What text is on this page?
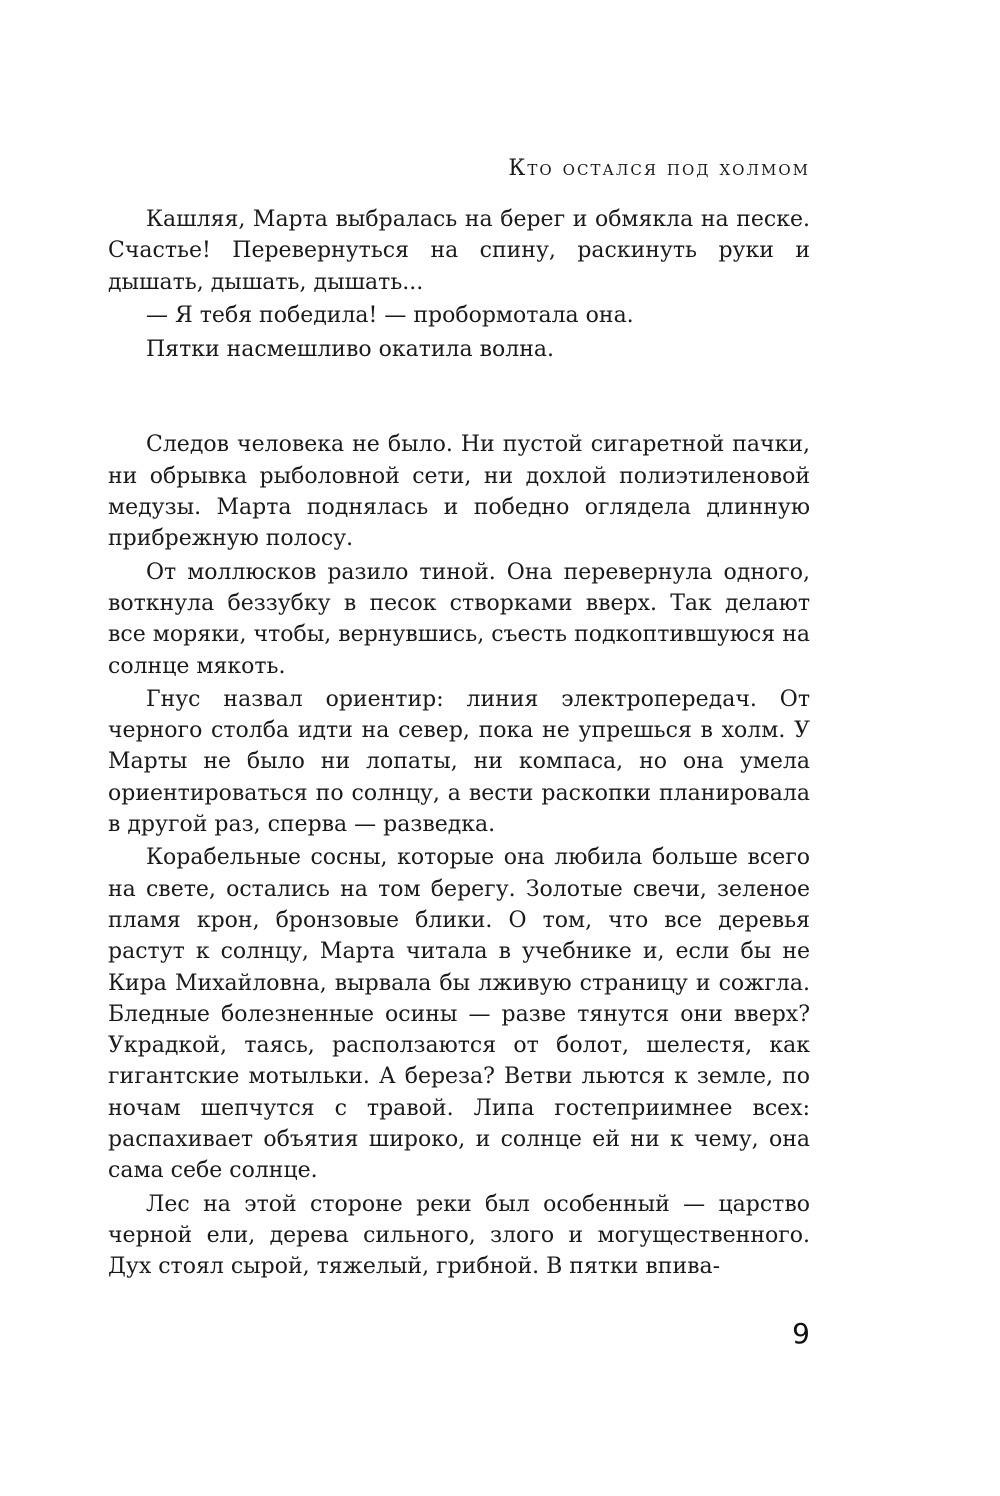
Кто остался под холмом

Кашляя, Марта выбралась на берег и обмякла на песке. Счастье! Перевернуться на спину, раскинуть руки и дышать, дышать, дышать...

— Я тебя победила! — пробормотала она.

Пятки насмешливо окатила волна.

Следов человека не было. Ни пустой сигаретной пачки, ни обрывка рыболовной сети, ни дохлой полиэтиленовой медузы. Марта поднялась и победно оглядела длинную прибрежную полосу.

От моллюсков разило тиной. Она перевернула одного, воткнула беззубку в песок створками вверх. Так делают все моряки, чтобы, вернувшись, съесть подкоптившуюся на солнце мякоть.

Гнус назвал ориентир: линия электропередач. От черного столба идти на север, пока не упрешься в холм. У Марты не было ни лопаты, ни компаса, но она умела ориентироваться по солнцу, а вести раскопки планировала в другой раз, сперва — разведка.

Корабельные сосны, которые она любила больше всего на свете, остались на том берегу. Золотые свечи, зеленое пламя крон, бронзовые блики. О том, что все деревья растут к солнцу, Марта читала в учебнике и, если бы не Кира Михайловна, вырвала бы лживую страницу и сожгла. Бледные болезненные осины — разве тянутся они вверх? Украдкой, таясь, расползаются от болот, шелестя, как гигантские мотыльки. А береза? Ветви льются к земле, по ночам шепчутся с травой. Липа гостеприимнее всех: распахивает объятия широко, и солнце ей ни к чему, она сама себе солнце.

Лес на этой стороне реки был особенный — царство черной ели, дерева сильного, злого и могущественного. Дух стоял сырой, тяжелый, грибной. В пятки впива-

9
